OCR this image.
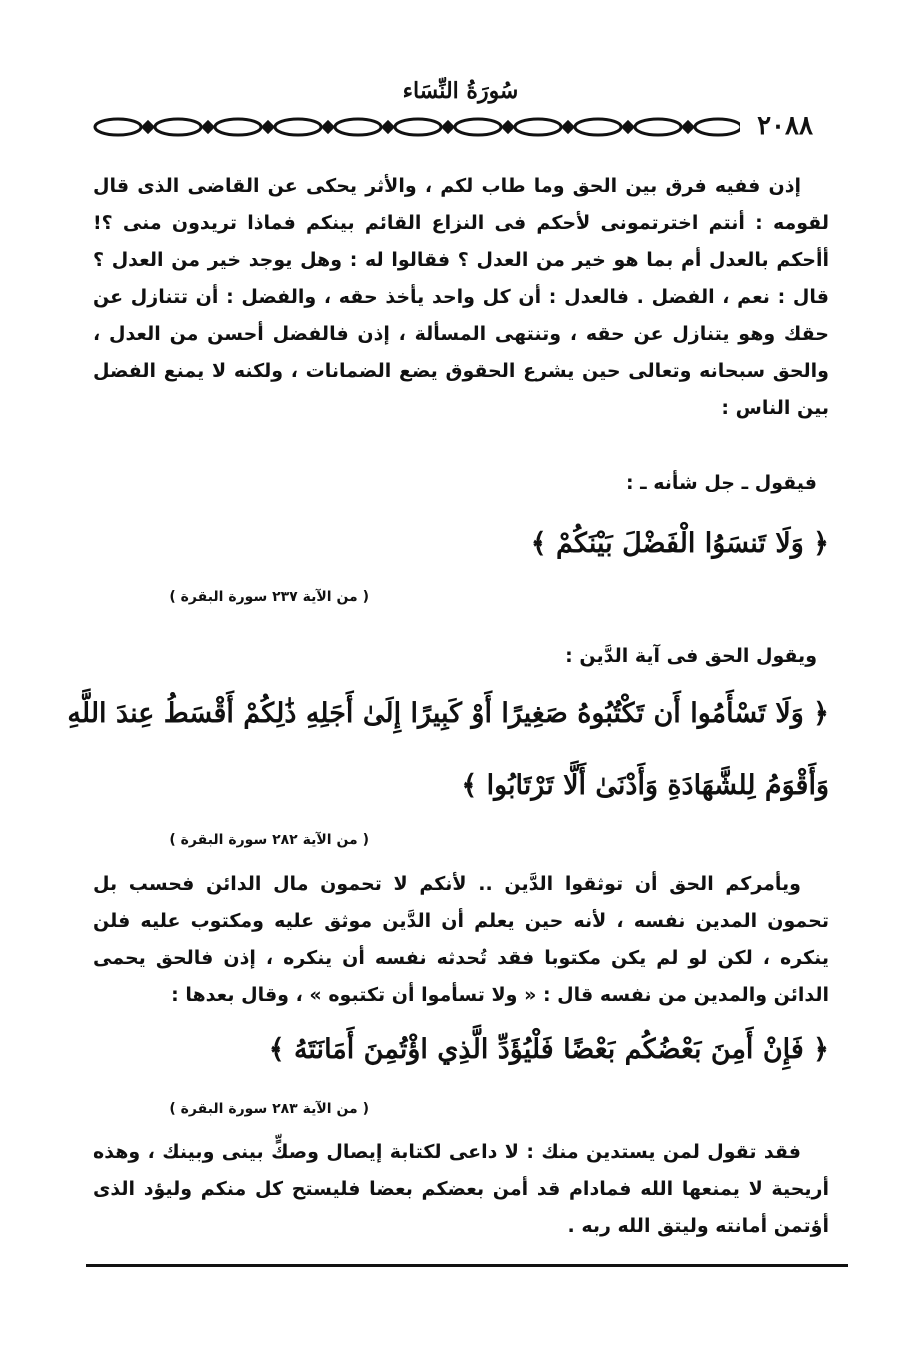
سُورَةُ النِّسَاء
٢٠٨٨
إذن ففيه فرق بين الحق وما طاب لكم ، والأثر يحكى عن القاضى الذى قال لقومه : أنتم اخترتمونى لأحكم فى النزاع القائم بينكم فماذا تريدون منى ؟! أأحكم بالعدل أم بما هو خير من العدل ؟ فقالوا له : وهل يوجد خير من العدل ؟ قال : نعم ، الفضل . فالعدل : أن كل واحد يأخذ حقه ، والفضل : أن تتنازل عن حقك وهو يتنازل عن حقه ، وتنتهى المسألة ، إذن فالفضل أحسن من العدل ، والحق سبحانه وتعالى حين يشرع الحقوق يضع الضمانات ، ولكنه لا يمنع الفضل بين الناس :
فيقول ـ جل شأنه ـ :
﴿ وَلَا تَنسَوُا الْفَضْلَ بَيْنَكُمْ ﴾
( من الآية ٢٣٧ سورة البقرة )
ويقول الحق فى آية الدَّين :
﴿ وَلَا تَسْأَمُوا أَن تَكْتُبُوهُ صَغِيرًا أَوْ كَبِيرًا إِلَىٰ أَجَلِهِ ذَٰلِكُمْ أَقْسَطُ عِندَ اللَّهِ
وَأَقْوَمُ لِلشَّهَادَةِ وَأَدْنَىٰ أَلَّا تَرْتَابُوا ﴾
( من الآية ٢٨٢ سورة البقرة )
ويأمركم الحق أن توثقوا الدَّين .. لأنكم لا تحمون مال الدائن فحسب بل تحمون المدين نفسه ، لأنه حين يعلم أن الدَّين موثق عليه ومكتوب عليه فلن ينكره ، لكن لو لم يكن مكتوبا فقد تُحدثه نفسه أن ينكره ، إذن فالحق يحمى الدائن والمدين من نفسه قال : « ولا تسأموا أن تكتبوه » ، وقال بعدها :
﴿ فَإِنْ أَمِنَ بَعْضُكُم بَعْضًا فَلْيُؤَدِّ الَّذِي اؤْتُمِنَ أَمَانَتَهُ ﴾
( من الآية ٢٨٣ سورة البقرة )
فقد تقول لمن يستدين منك : لا داعى لكتابة إيصال وصكٍّ بينى وبينك ، وهذه أريحية لا يمنعها الله فمادام قد أمن بعضكم بعضا فليستح كل منكم وليؤد الذى أؤتمن أمانته وليتق الله ربه .
